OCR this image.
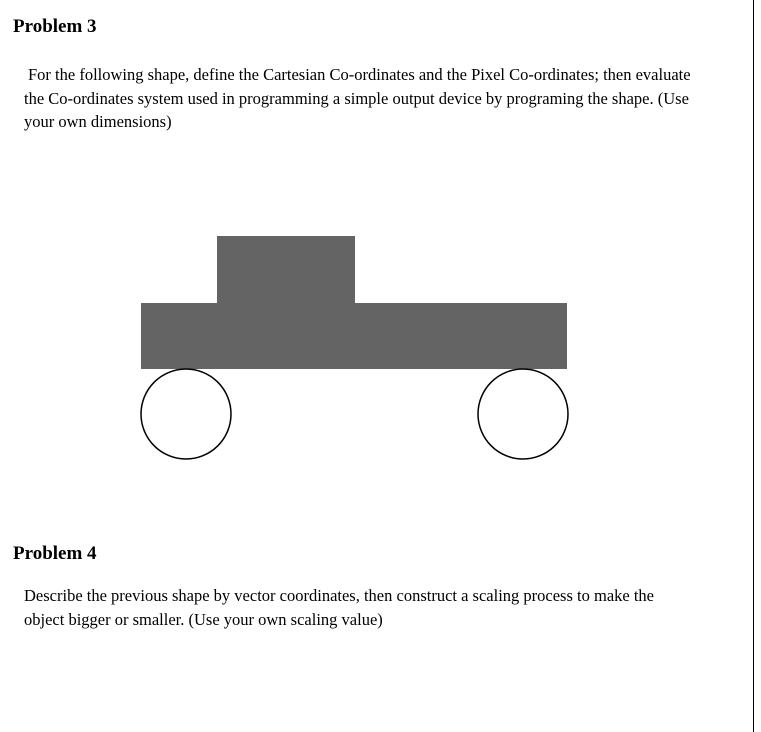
Problem 3

For the following shape, define the Cartesian Co-ordinates and the Pixel Co-ordinates; then evaluate
the Co-ordinates system used in programming a simple output device by programing the shape. (Use
your own dimensions)

Problem 4

Describe the previous shape by vector coordinates, then construct a scaling process to make the
object bigger or smaller. (Use your own scaling value)
